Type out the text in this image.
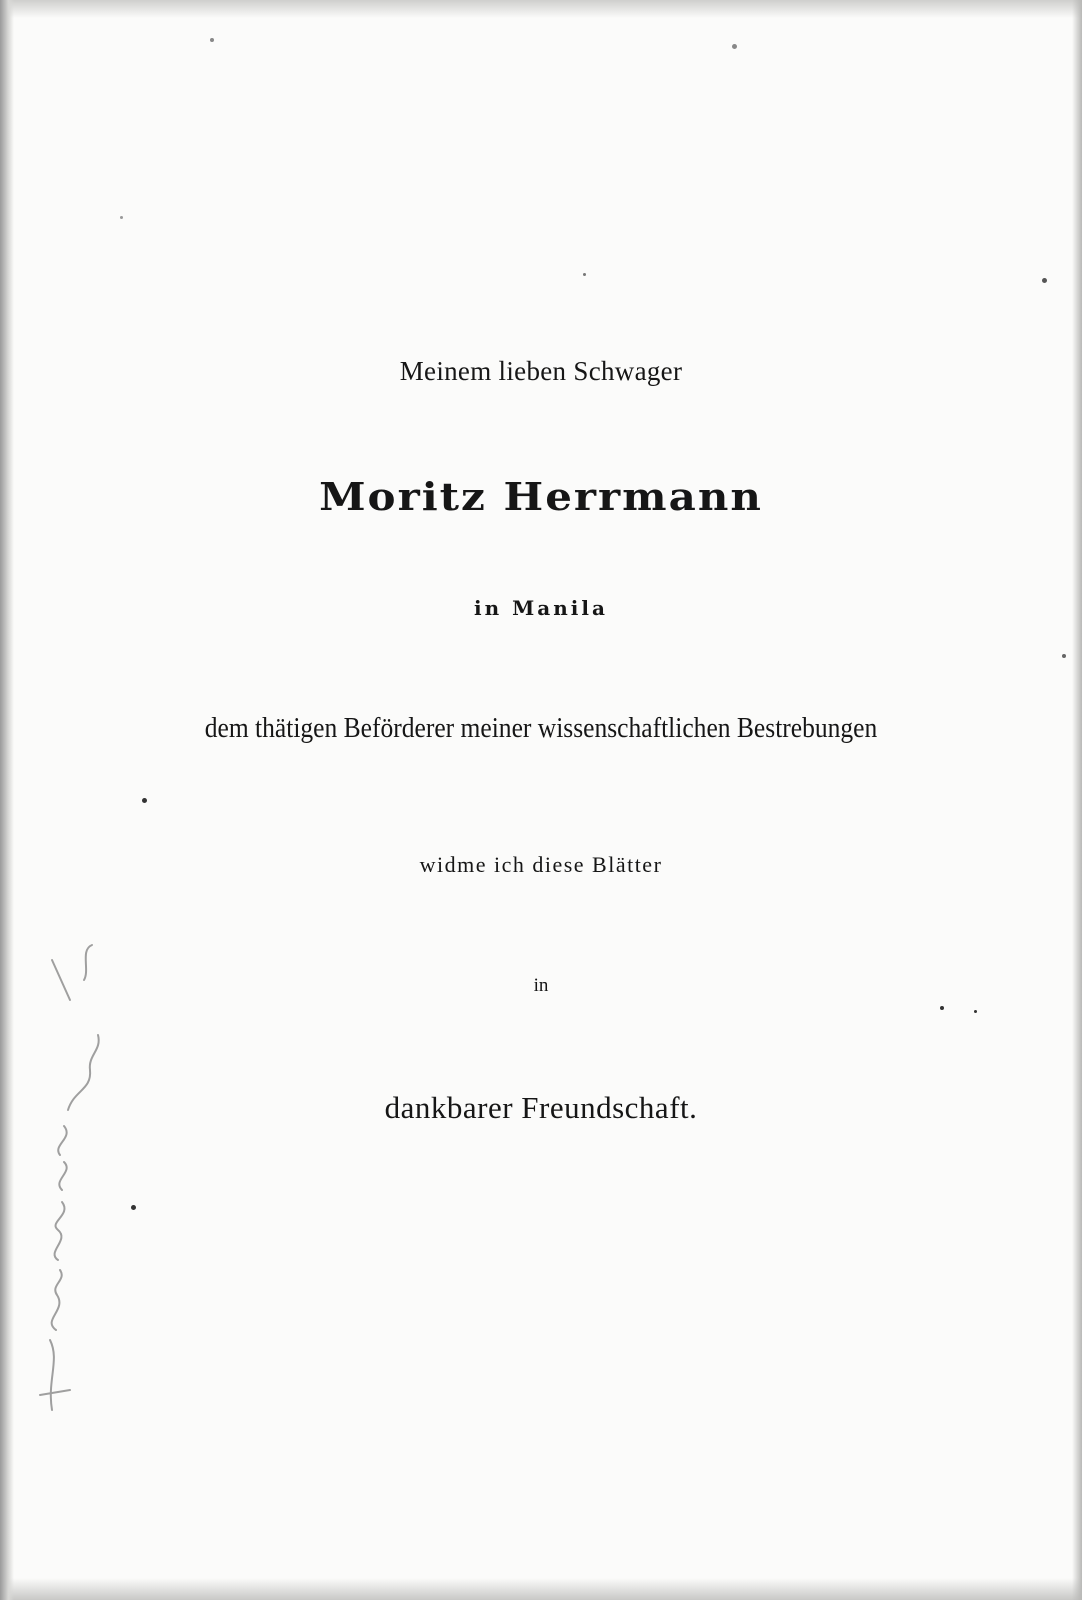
Meinem lieben Schwager
Moritz Herrmann
in Manila
dem thätigen Beförderer meiner wissenschaftlichen Bestrebungen
widme ich diese Blätter
in
dankbarer Freundschaft.
